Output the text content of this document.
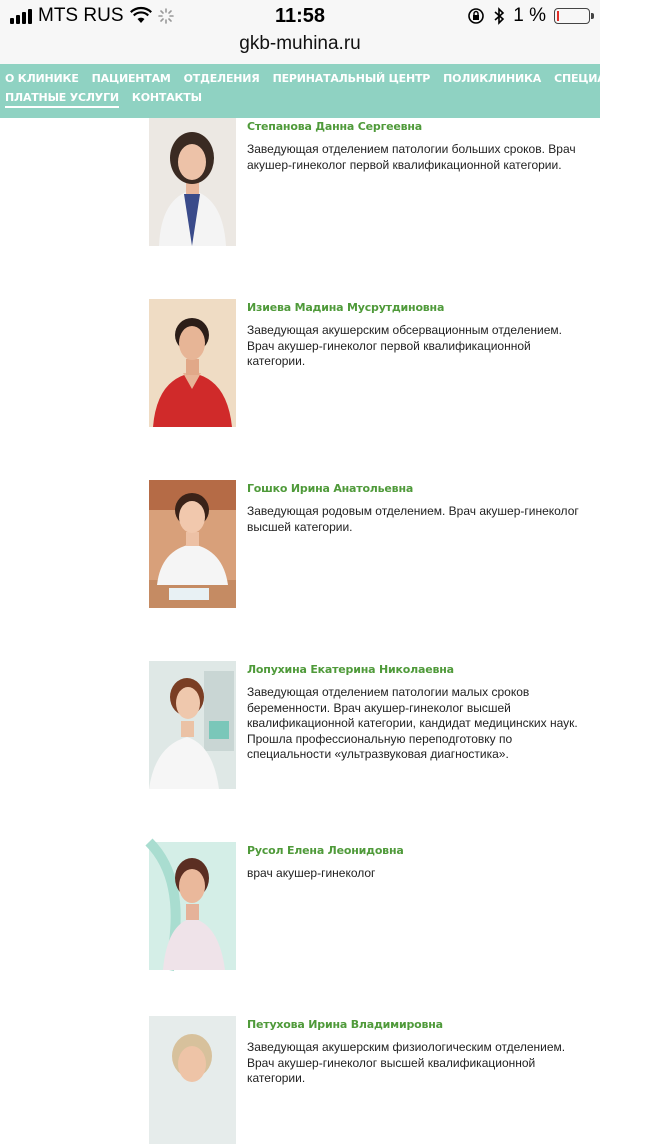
MTS RUS	11:58	1 %
gkb-muhina.ru
О КЛИНИКЕ ПАЦИЕНТАМ ОТДЕЛЕНИЯ ПЕРИНАТАЛЬНЫЙ ЦЕНТР ПОЛИКЛИНИКА СПЕЦИАЛИСТЫ
ПЛАТНЫЕ УСЛУГИ КОНТАКТЫ
Степанова Данна Сергеевна
Заведующая отделением патологии больших сроков. Врач акушер-гинеколог первой квалификационной категории.
Изиева Мадина Мусрутдиновна
Заведующая акушерским обсервационным отделением. Врач акушер-гинеколог первой квалификационной категории.
Гошко Ирина Анатольевна
Заведующая родовым отделением. Врач акушер-гинеколог высшей категории.
Лопухина Екатерина Николаевна
Заведующая отделением патологии малых сроков беременности. Врач акушер-гинеколог высшей квалификационной категории, кандидат медицинских наук. Прошла профессиональную переподготовку по специальности «ультразвуковая диагностика».
Русол Елена Леонидовна
врач акушер-гинеколог
Петухова Ирина Владимировна
Заведующая акушерским физиологическим отделением. Врач акушер-гинеколог высшей квалификационной категории.
